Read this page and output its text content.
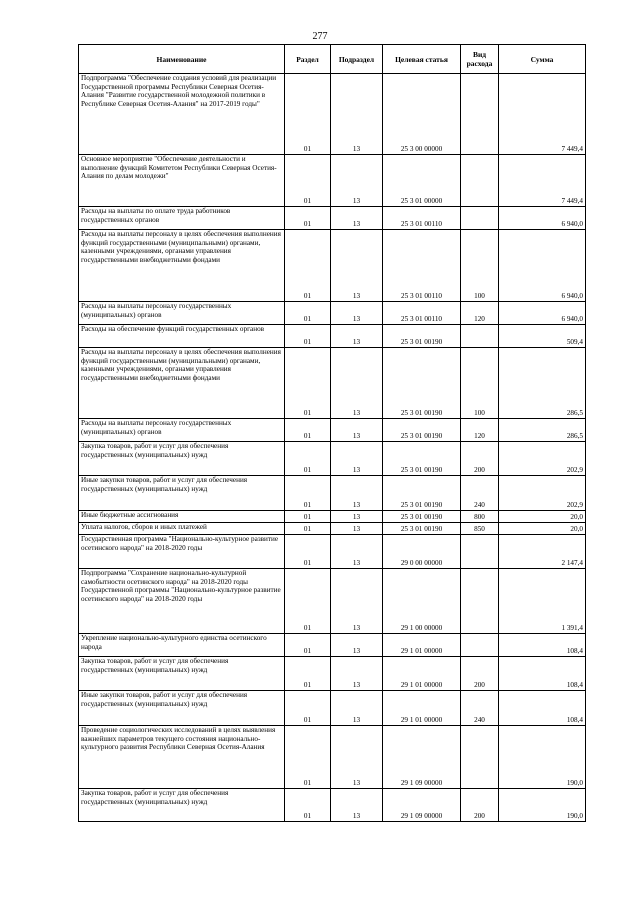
277
Наименование	Раздел	Подраздел	Целевая статья	Вид расхода	Сумма
Подпрограмма "Обеспечение создания условий для реализации Государственной программы Республики Северная Осетия-Алания "Развитие государственной молодежной политики в Республике Северная Осетия-Алания" на 2017-2019 годы"	01	13	25 3 00 00000		7 449,4
Основное мероприятие "Обеспечение деятельности и выполнение функций Комитетом Республики Северная Осетия-Алания по делам молодежи"	01	13	25 3 01 00000		7 449,4
Расходы на выплаты по оплате труда работников государственных органов	01	13	25 3 01 00110		6 940,0
Расходы на выплаты персоналу в целях обеспечения выполнения функций государственными (муниципальными) органами, казенными учреждениями, органами управления государственными внебюджетными фондами	01	13	25 3 01 00110	100	6 940,0
Расходы на выплаты персоналу государственных (муниципальных) органов	01	13	25 3 01 00110	120	6 940,0
Расходы на обеспечение функций государственных органов	01	13	25 3 01 00190		509,4
Расходы на выплаты персоналу в целях обеспечения выполнения функций государственными (муниципальными) органами, казенными учреждениями, органами управления государственными внебюджетными фондами	01	13	25 3 01 00190	100	286,5
Расходы на выплаты персоналу государственных (муниципальных) органов	01	13	25 3 01 00190	120	286,5
Закупка товаров, работ и услуг для обеспечения государственных (муниципальных) нужд	01	13	25 3 01 00190	200	202,9
Иные закупки товаров, работ и услуг для обеспечения государственных (муниципальных) нужд	01	13	25 3 01 00190	240	202,9
Иные бюджетные ассигнования	01	13	25 3 01 00190	800	20,0
Уплата налогов, сборов и иных платежей	01	13	25 3 01 00190	850	20,0
Государственная программа "Национально-культурное развитие осетинского народа" на 2018-2020 годы	01	13	29 0 00 00000		2 147,4
Подпрограмма "Сохранение национально-культурной самобытности осетинского народа" на 2018-2020 годы Государственной программы "Национально-культурное развитие осетинского народа" на 2018-2020 годы	01	13	29 1 00 00000		1 391,4
Укрепление национально-культурного единства осетинского народа	01	13	29 1 01 00000		108,4
Закупка товаров, работ и услуг для обеспечения государственных (муниципальных) нужд	01	13	29 1 01 00000	200	108,4
Иные закупки товаров, работ и услуг для обеспечения государственных (муниципальных) нужд	01	13	29 1 01 00000	240	108,4
Проведение социологических исследований в целях выявления важнейших параметров текущего состояния национально-культурного развития Республики Северная Осетия-Алания	01	13	29 1 09 00000		190,0
Закупка товаров, работ и услуг для обеспечения государственных (муниципальных) нужд	01	13	29 1 09 00000	200	190,0
